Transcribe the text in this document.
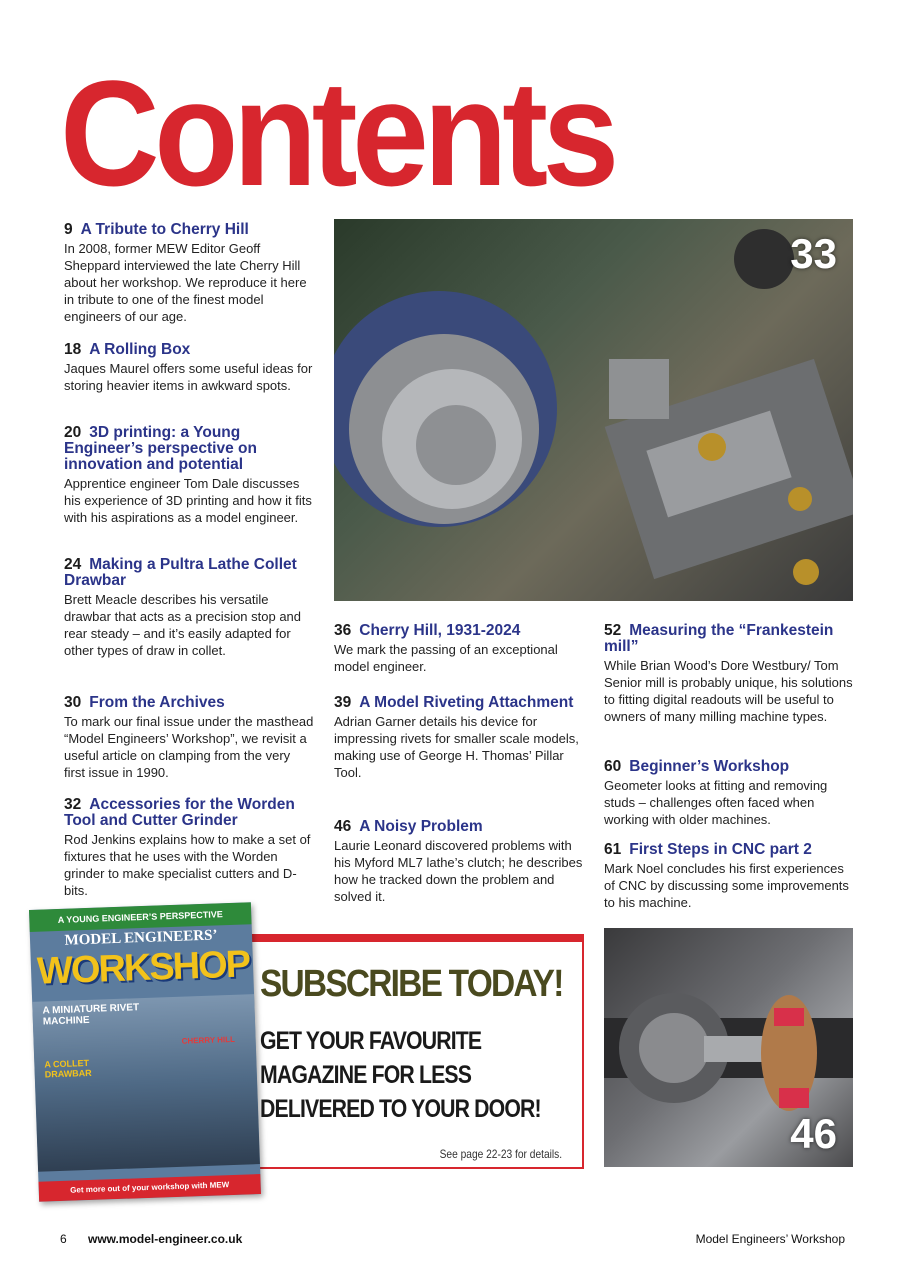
Contents
9 A Tribute to Cherry Hill
In 2008, former MEW Editor Geoff Sheppard interviewed the late Cherry Hill about her workshop. We reproduce it here in tribute to one of the finest model engineers of our age.
18 A Rolling Box
Jaques Maurel offers some useful ideas for storing heavier items in awkward spots.
20 3D printing: a Young Engineer’s perspective on innovation and potential
Apprentice engineer Tom Dale discusses his experience of 3D printing and how it fits with his aspirations as a model engineer.
24 Making a Pultra Lathe Collet Drawbar
Brett Meacle describes his versatile drawbar that acts as a precision stop and rear steady – and it’s easily adapted for other types of draw in collet.
30 From the Archives
To mark our final issue under the masthead “Model Engineers’ Workshop”, we revisit a useful article on clamping from the very first issue in 1990.
32 Accessories for the Worden Tool and Cutter Grinder
Rod Jenkins explains how to make a set of fixtures that he uses with the Worden grinder to make specialist cutters and D-bits.
33
36 Cherry Hill, 1931-2024
We mark the passing of an exceptional model engineer.
39 A Model Riveting Attachment
Adrian Garner details his device for impressing rivets for smaller scale models, making use of George H. Thomas’ Pillar Tool.
46 A Noisy Problem
Laurie Leonard discovered problems with his Myford ML7 lathe’s clutch; he describes how he tracked down the problem and solved it.
52 Measuring the “Frankestein mill”
While Brian Wood’s Dore Westbury/ Tom Senior mill is probably unique, his solutions to fitting digital readouts will be useful to owners of many milling machine types.
60 Beginner’s Workshop
Geometer looks at fitting and removing studs – challenges often faced when working with older machines.
61 First Steps in CNC part 2
Mark Noel concludes his first experiences of CNC by discussing some improvements to his machine.
SUBSCRIBE TODAY!
GET YOUR FAVOURITE
MAGAZINE FOR LESS
DELIVERED TO YOUR DOOR!
See page 22-23 for details.
A YOUNG ENGINEER’S PERSPECTIVE
MODEL ENGINEERS’
WORKSHOP
A MINIATURE RIVET MACHINE
A COLLET DRAWBAR
CHERRY HILL
Get more out of your workshop with MEW
46
6 www.model-engineer.co.uk	Model Engineers’ Workshop
